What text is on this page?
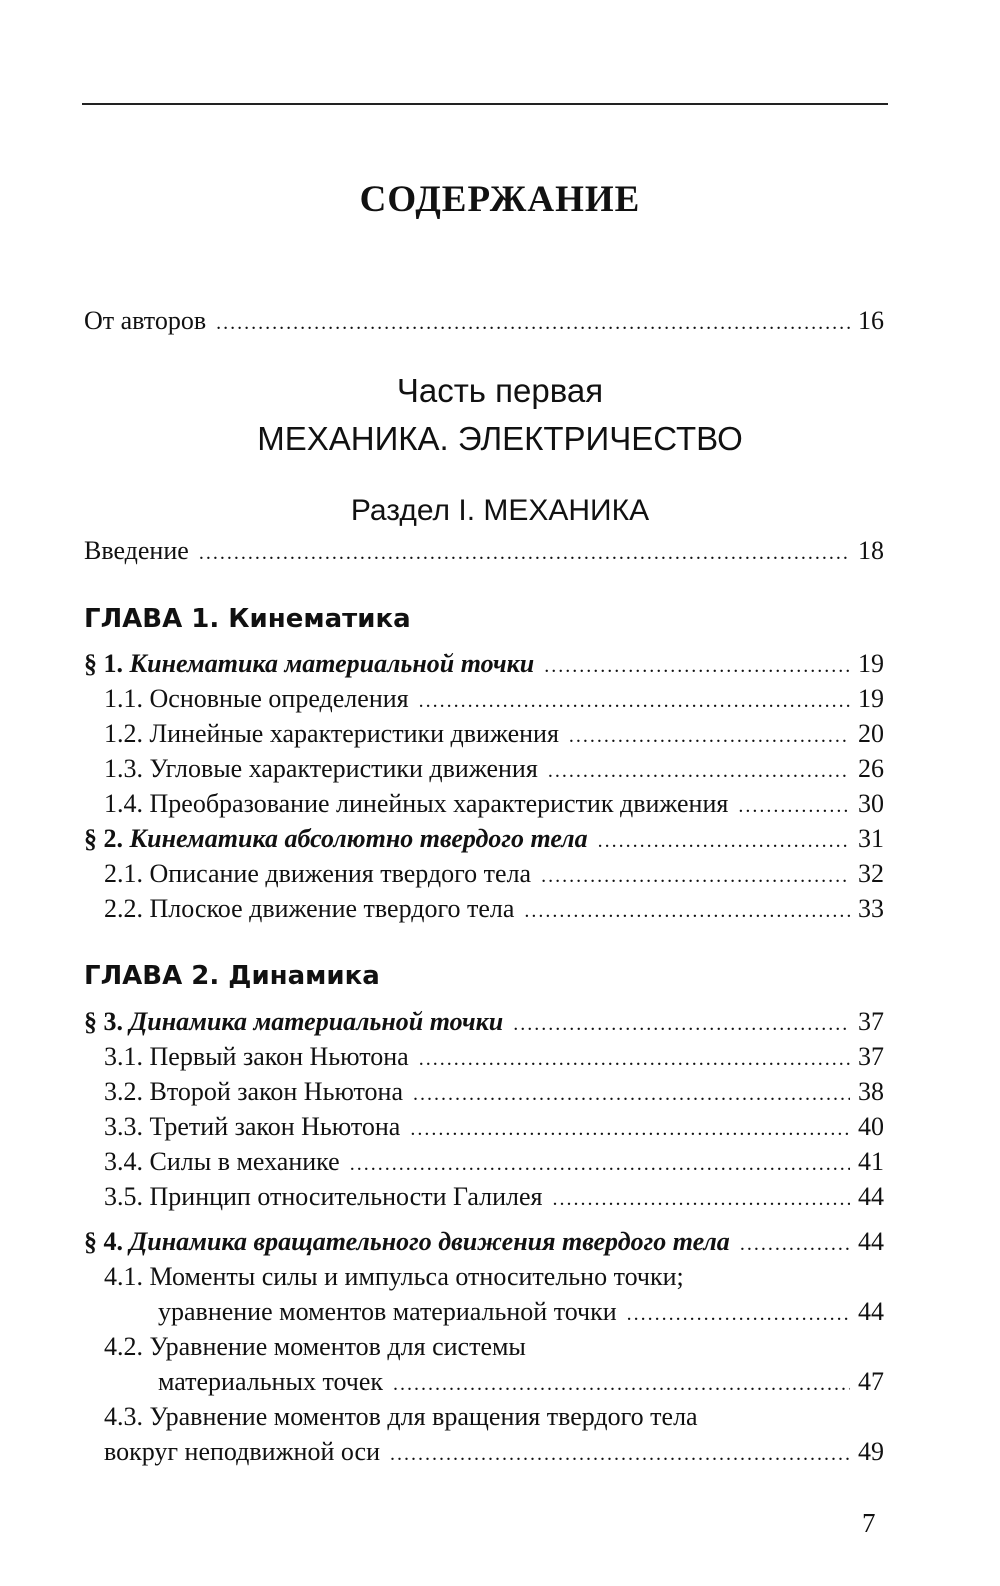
СОДЕРЖАНИЕ
От авторов .....	16
Часть первая
МЕХАНИКА. ЭЛЕКТРИЧЕСТВО
Раздел I. МЕХАНИКА
Введение .....	18
ГЛАВА 1. Кинематика
§ 1. Кинематика материальной точки .....	19
1.1. Основные определения .....	19
1.2. Линейные характеристики движения .....	20
1.3. Угловые характеристики движения .....	26
1.4. Преобразование линейных характеристик движения .....	30
§ 2. Кинематика абсолютно твердого тела .....	31
2.1. Описание движения твердого тела .....	32
2.2. Плоское движение твердого тела .....	33
ГЛАВА 2. Динамика
§ 3. Динамика материальной точки .....	37
3.1. Первый закон Ньютона .....	37
3.2. Второй закон Ньютона .....	38
3.3. Третий закон Ньютона .....	40
3.4. Силы в механике .....	41
3.5. Принцип относительности Галилея .....	44
§ 4. Динамика вращательного движения твердого тела .....	44
4.1. Моменты силы и импульса относительно точки;
уравнение моментов материальной точки .....	44
4.2. Уравнение моментов для системы
материальных точек .....	47
4.3. Уравнение моментов для вращения твердого тела
вокруг неподвижной оси .....	49
7
